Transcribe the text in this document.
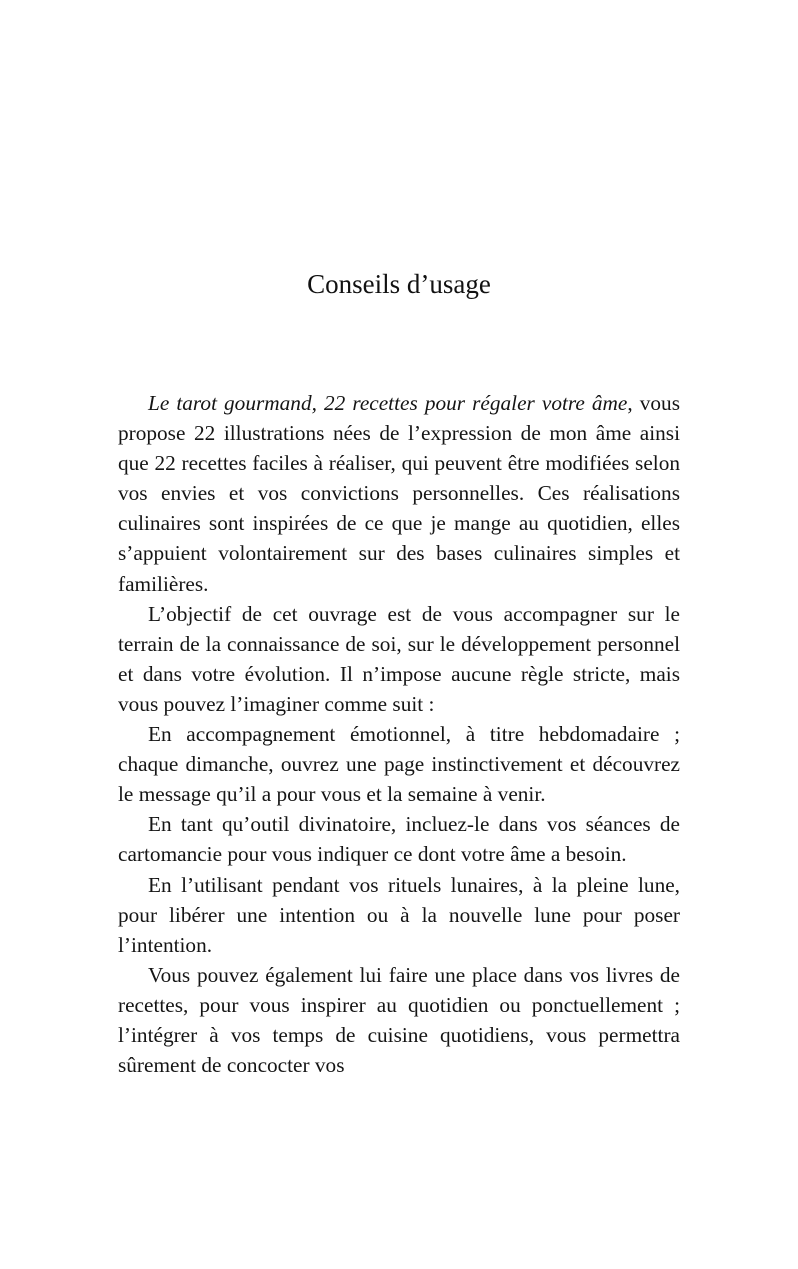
Conseils d’usage

Le tarot gourmand, 22 recettes pour régaler votre âme, vous propose 22 illustrations nées de l’expression de mon âme ainsi que 22 recettes faciles à réaliser, qui peuvent être modifiées selon vos envies et vos convictions personnelles. Ces réalisations culinaires sont inspirées de ce que je mange au quotidien, elles s’appuient volontairement sur des bases culinaires simples et familières.

L’objectif de cet ouvrage est de vous accompagner sur le terrain de la connaissance de soi, sur le développement personnel et dans votre évolution. Il n’impose aucune règle stricte, mais vous pouvez l’imaginer comme suit :

En accompagnement émotionnel, à titre hebdomadaire ; chaque dimanche, ouvrez une page instinctivement et découvrez le message qu’il a pour vous et la semaine à venir.

En tant qu’outil divinatoire, incluez-le dans vos séances de cartomancie pour vous indiquer ce dont votre âme a besoin.

En l’utilisant pendant vos rituels lunaires, à la pleine lune, pour libérer une intention ou à la nouvelle lune pour poser l’intention.

Vous pouvez également lui faire une place dans vos livres de recettes, pour vous inspirer au quotidien ou ponctuellement ; l’intégrer à vos temps de cuisine quotidiens, vous permettra sûrement de concocter vos
